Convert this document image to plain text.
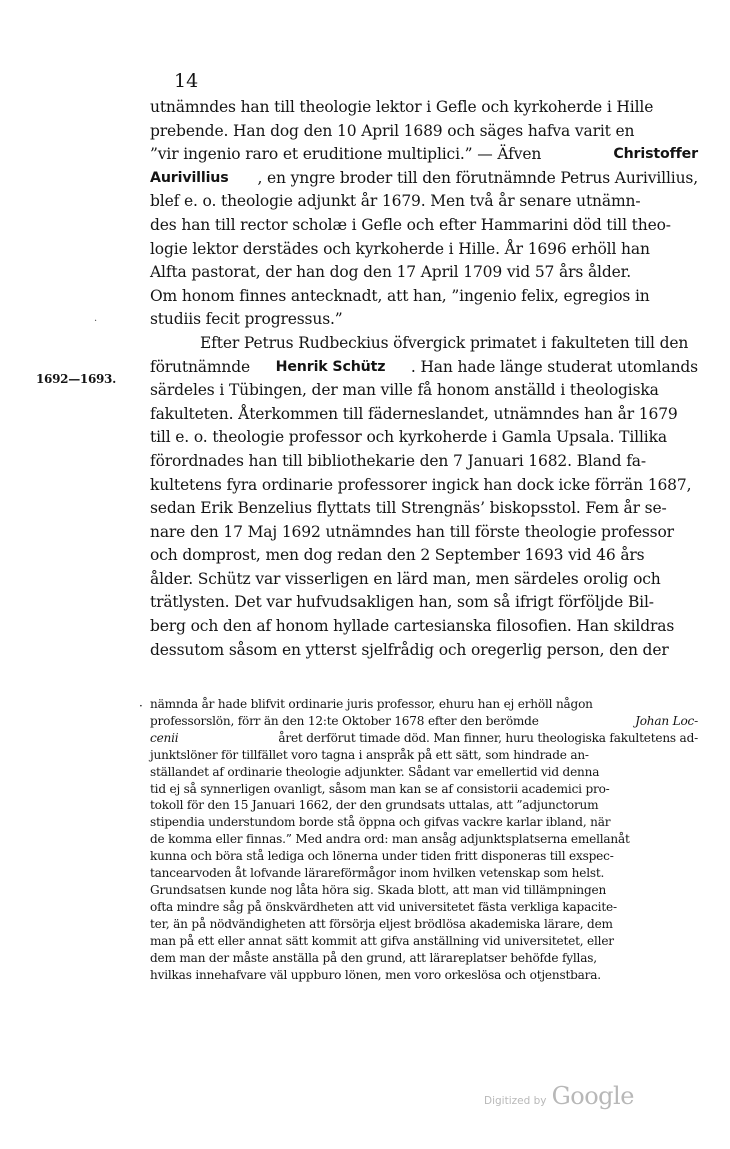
14
·
1692—1693.
utnämndes han till theologie lektor i Gefle och kyrkoherde i Hille
prebende. Han dog den 10 April 1689 och säges hafva varit en
”vir ingenio raro et eruditione multiplici.” — Äfven	Christoffer
Aurivillius , en yngre broder till den förutnämnde Petrus Aurivillius,
blef e. o. theologie adjunkt år 1679. Men två år senare utnämn-
des han till rector scholæ i Gefle och efter Hammarini död till theo-
logie lektor derstädes och kyrkoherde i Hille. År 1696 erhöll han
Alfta pastorat, der han dog den 17 April 1709 vid 57 års ålder.
Om honom finnes antecknadt, att han, ”ingenio felix, egregios in
studiis fecit progressus.”
Efter Petrus Rudbeckius öfvergick primatet i fakulteten till den
förutnämnde Henrik Schütz . Han hade länge studerat utomlands
särdeles i Tübingen, der man ville få honom anställd i theologiska
fakulteten. Återkommen till fäderneslandet, utnämndes han år 1679
till e. o. theologie professor och kyrkoherde i Gamla Upsala. Tillika
förordnades han till bibliothekarie den 7 Januari 1682. Bland fa-
kultetens fyra ordinarie professorer ingick han dock icke förrän 1687,
sedan Erik Benzelius flyttats till Strengnäs’ biskopsstol. Fem år se-
nare den 17 Maj 1692 utnämndes han till förste theologie professor
och domprost, men dog redan den 2 September 1693 vid 46 års
ålder. Schütz var visserligen en lärd man, men särdeles orolig och
trätlysten. Det var hufvudsakligen han, som så ifrigt förföljde Bil-
berg och den af honom hyllade cartesianska filosofien. Han skildras
dessutom såsom en ytterst sjelfrådig och oregerlig person, den der
· nämnda år hade blifvit ordinarie juris professor, ehuru han ej erhöll någon
professorslön, förr än den 12:te Oktober 1678 efter den berömde	Johan Loc-
cenii	året derförut timade död. Man finner, huru theologiska fakultetens ad-
junktslöner för tillfället voro tagna i anspråk på ett sätt, som hindrade an-
ställandet af ordinarie theologie adjunkter. Sådant var emellertid vid denna
tid ej så synnerligen ovanligt, såsom man kan se af consistorii academici pro-
tokoll för den 15 Januari 1662, der den grundsats uttalas, att ”adjunctorum
stipendia understundom borde stå öppna och gifvas vackre karlar ibland, när
de komma eller finnas.” Med andra ord: man ansåg adjunktsplatserna emellanåt
kunna och böra stå lediga och lönerna under tiden fritt disponeras till exspec-
tancearvoden åt lofvande lärareförmågor inom hvilken vetenskap som helst.
Grundsatsen kunde nog låta höra sig. Skada blott, att man vid tillämpningen
ofta mindre såg på önskvärdheten att vid universitetet fästa verkliga kapacite-
ter, än på nödvändigheten att försörja eljest brödlösa akademiska lärare, dem
man på ett eller annat sätt kommit att gifva anställning vid universitetet, eller
dem man der måste anställa på den grund, att lärareplatser behöfde fyllas,
hvilkas innehafvare väl uppburo lönen, men voro orkeslösa och otjenstbara.
Digitized by Google
